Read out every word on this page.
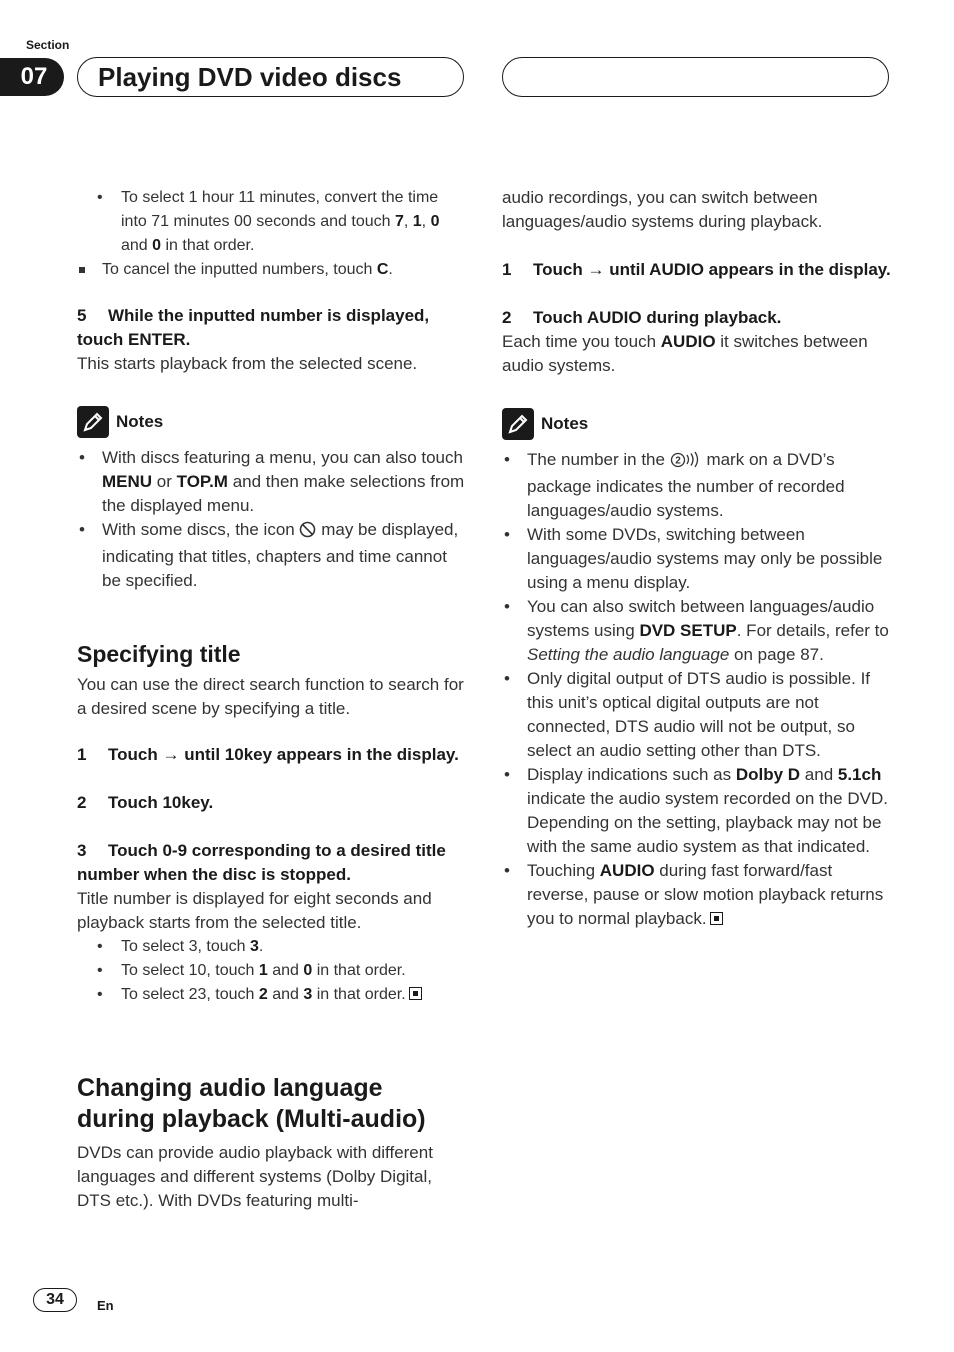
Section
07	Playing DVD video discs
• To select 1 hour 11 minutes, convert the time into 71 minutes 00 seconds and touch 7, 1, 0 and 0 in that order.
To cancel the inputted numbers, touch C.

5 While the inputted number is displayed, touch ENTER.

This starts playback from the selected scene.

Notes
• With discs featuring a menu, you can also touch MENU or TOP.M and then make selections from the displayed menu.
• With some discs, the icon may be displayed, indicating that titles, chapters and time cannot be specified.
Specifying title

You can use the direct search function to search for a desired scene by specifying a title.

1 Touch → until 10key appears in the display.

2 Touch 10key.

3 Touch 0-9 corresponding to a desired title number when the disc is stopped.

Title number is displayed for eight seconds and playback starts from the selected title.

• To select 3, touch 3.
• To select 10, touch 1 and 0 in that order.
• To select 23, touch 2 and 3 in that order.
Changing audio language during playback (Multi-audio)

DVDs can provide audio playback with different languages and different systems (Dolby Digital, DTS etc.). With DVDs featuring multi-

audio recordings, you can switch between languages/audio systems during playback.

1 Touch → until AUDIO appears in the display.

2 Touch AUDIO during playback.

Each time you touch AUDIO it switches between audio systems.

Notes
• The number in the 2 mark on a DVD’s package indicates the number of recorded languages/audio systems.
• With some DVDs, switching between languages/audio systems may only be possible using a menu display.
• You can also switch between languages/audio systems using DVD SETUP. For details, refer to Setting the audio language on page 87.
• Only digital output of DTS audio is possible. If this unit’s optical digital outputs are not connected, DTS audio will not be output, so select an audio setting other than DTS.
• Display indications such as Dolby D and 5.1ch indicate the audio system recorded on the DVD. Depending on the setting, playback may not be with the same audio system as that indicated.
• Touching AUDIO during fast forward/fast reverse, pause or slow motion playback returns you to normal playback.
34	En
